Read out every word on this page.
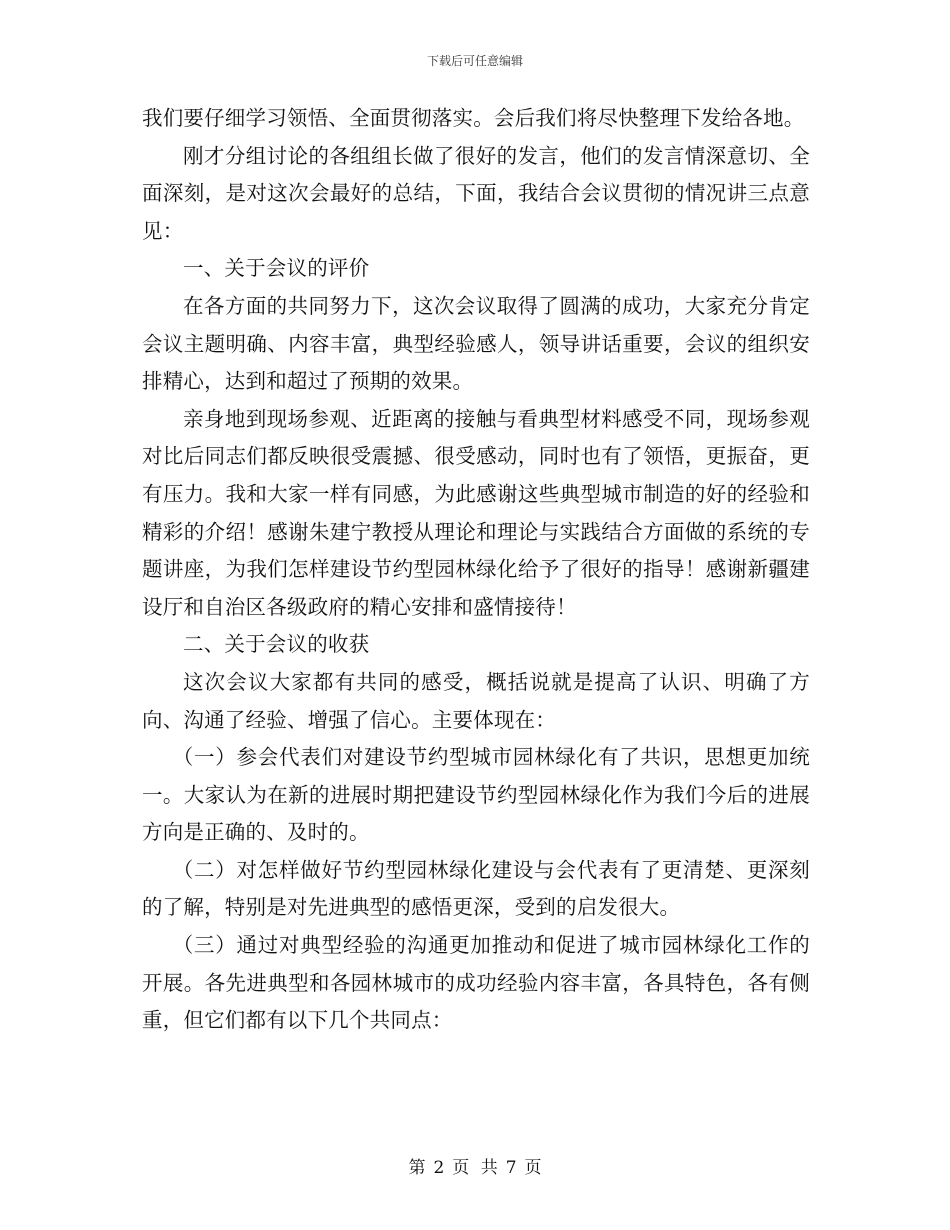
下载后可任意编辑

我们要仔细学习领悟、全面贯彻落实。会后我们将尽快整理下发给各地。

刚才分组讨论的各组组长做了很好的发言，他们的发言情深意切、全面深刻，是对这次会最好的总结，下面，我结合会议贯彻的情况讲三点意见：

一、关于会议的评价

在各方面的共同努力下，这次会议取得了圆满的成功，大家充分肯定会议主题明确、内容丰富，典型经验感人，领导讲话重要，会议的组织安排精心，达到和超过了预期的效果。

亲身地到现场参观、近距离的接触与看典型材料感受不同，现场参观对比后同志们都反映很受震撼、很受感动，同时也有了领悟，更振奋，更有压力。我和大家一样有同感，为此感谢这些典型城市制造的好的经验和精彩的介绍！感谢朱建宁教授从理论和理论与实践结合方面做的系统的专题讲座，为我们怎样建设节约型园林绿化给予了很好的指导！感谢新疆建设厅和自治区各级政府的精心安排和盛情接待！

二、关于会议的收获

这次会议大家都有共同的感受，概括说就是提高了认识、明确了方向、沟通了经验、增强了信心。主要体现在：

（一）参会代表们对建设节约型城市园林绿化有了共识，思想更加统一。大家认为在新的进展时期把建设节约型园林绿化作为我们今后的进展方向是正确的、及时的。

（二）对怎样做好节约型园林绿化建设与会代表有了更清楚、更深刻的了解，特别是对先进典型的感悟更深，受到的启发很大。

（三）通过对典型经验的沟通更加推动和促进了城市园林绿化工作的开展。各先进典型和各园林城市的成功经验内容丰富，各具特色，各有侧重，但它们都有以下几个共同点：

第 2 页 共 7 页
